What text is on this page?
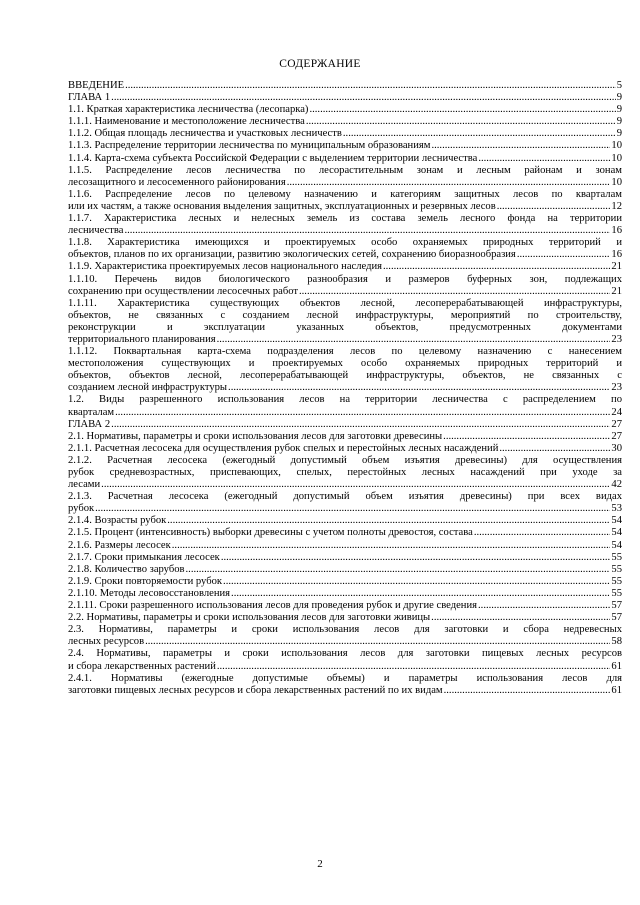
СОДЕРЖАНИЕ
ВВЕДЕНИЕ .....	5
ГЛАВА 1 .....	9
1.1. Краткая характеристика лесничества (лесопарка) .....	9
1.1.1. Наименование и местоположение лесничества .....	9
1.1.2. Общая площадь лесничества и участковых лесничеств .....	9
1.1.3. Распределение территории лесничества по муниципальным образованиям .....	10
1.1.4. Карта-схема субъекта Российской Федерации с выделением территории лесничества .....	10
1.1.5. Распределение лесов лесничества по лесорастительным зонам и лесным районам и зонам
лесозащитного и лесосеменного районирования .....	10
1.1.6. Распределение лесов по целевому назначению и категориям защитных лесов по кварталам
или их частям, а также основания выделения защитных, эксплуатационных и резервных лесов .....	12
1.1.7. Характеристика лесных и нелесных земель из состава земель лесного фонда на территории
лесничества .....	16
1.1.8. Характеристика имеющихся и проектируемых особо охраняемых природных территорий и
объектов, планов по их организации, развитию экологических сетей, сохранению биоразнообразия .....	16
1.1.9. Характеристика проектируемых лесов национального наследия .....	21
1.1.10. Перечень видов биологического разнообразия и размеров буферных зон, подлежащих
сохранению при осуществлении лесосечных работ .....	21
1.1.11. Характеристика существующих объектов лесной, лесоперерабатывающей инфраструктуры,
объектов, не связанных с созданием лесной инфраструктуры, мероприятий по строительству,
реконструкции и эксплуатации указанных объектов, предусмотренных документами
территориального планирования .....	23
1.1.12. Поквартальная карта-схема подразделения лесов по целевому назначению с нанесением
местоположения существующих и проектируемых особо охраняемых природных территорий и
объектов, объектов лесной, лесоперерабатывающей инфраструктуры, объектов, не связанных с
созданием лесной инфраструктуры .....	23
1.2. Виды разрешенного использования лесов на территории лесничества с распределением по
кварталам .....	24
ГЛАВА 2 .....	27
2.1. Нормативы, параметры и сроки использования лесов для заготовки древесины .....	27
2.1.1. Расчетная лесосека для осуществления рубок спелых и перестойных лесных насаждений .....	30
2.1.2. Расчетная лесосека (ежегодный допустимый объем изъятия древесины) для осуществления
рубок средневозрастных, приспевающих, спелых, перестойных лесных насаждений при уходе за
лесами .....	42
2.1.3. Расчетная лесосека (ежегодный допустимый объем изъятия древесины) при всех видах
рубок .....	53
2.1.4. Возрасты рубок .....	54
2.1.5. Процент (интенсивность) выборки древесины с учетом полноты древостоя, состава .....	54
2.1.6. Размеры лесосек .....	54
2.1.7. Сроки примыкания лесосек .....	55
2.1.8. Количество зарубов .....	55
2.1.9. Сроки повторяемости рубок .....	55
2.1.10. Методы лесовосстановления .....	55
2.1.11. Сроки разрешенного использования лесов для проведения рубок и другие сведения .....	57
2.2. Нормативы, параметры и сроки использования лесов для заготовки живицы .....	57
2.3. Нормативы, параметры и сроки использования лесов для заготовки и сбора недревесных
лесных ресурсов .....	58
2.4. Нормативы, параметры и сроки использования лесов для заготовки пищевых лесных ресурсов
и сбора лекарственных растений .....	61
2.4.1. Нормативы (ежегодные допустимые объемы) и параметры использования лесов для
заготовки пищевых лесных ресурсов и сбора лекарственных растений по их видам .....	61
2
